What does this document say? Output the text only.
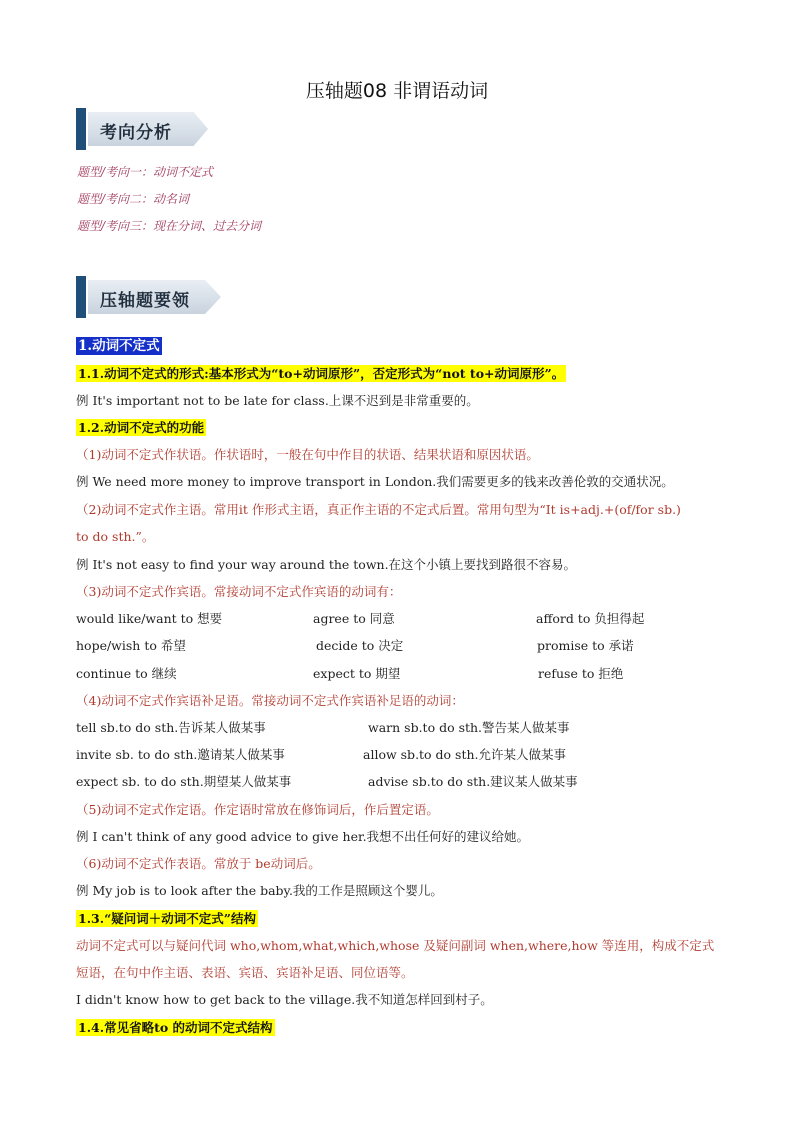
压轴题08 非谓语动词
考向分析
题型/考向一：动词不定式
题型/考向二：动名词
题型/考向三：现在分词、过去分词
压轴题要领
1.动词不定式
1.1.动词不定式的形式:基本形式为“to+动词原形”，否定形式为“not to+动词原形”。
例 It's important not to be late for class.上课不迟到是非常重要的。
1.2.动词不定式的功能
（1)动词不定式作状语。作状语时，一般在句中作目的状语、结果状语和原因状语。
例 We need more money to improve transport in London.我们需要更多的钱来改善伦敦的交通状况。
（2)动词不定式作主语。常用it 作形式主语，真正作主语的不定式后置。常用句型为“It is+adj.+(of/for sb.)
to do sth.”。
例 It's not easy to find your way around the town.在这个小镇上要找到路很不容易。
（3)动词不定式作宾语。常接动词不定式作宾语的动词有：
would like/want to 想要	agree to 同意	afford to 负担得起
hope/wish to 希望	decide to 决定	promise to 承诺
continue to 继续	expect to 期望	refuse to 拒绝
（4)动词不定式作宾语补足语。常接动词不定式作宾语补足语的动词：
tell sb.to do sth.告诉某人做某事	warn sb.to do sth.警告某人做某事
invite sb. to do sth.邀请某人做某事	allow sb.to do sth.允许某人做某事
expect sb. to do sth.期望某人做某事	advise sb.to do sth.建议某人做某事
（5)动词不定式作定语。作定语时常放在修饰词后，作后置定语。
例 I can't think of any good advice to give her.我想不出任何好的建议给她。
（6)动词不定式作表语。常放于 be动词后。
例 My job is to look after the baby.我的工作是照顾这个婴儿。
1.3.“疑问词＋动词不定式”结构
动词不定式可以与疑问代词 who,whom,what,which,whose 及疑问副词 when,where,how 等连用，构成不定式
短语，在句中作主语、表语、宾语、宾语补足语、同位语等。
I didn't know how to get back to the village.我不知道怎样回到村子。
1.4.常见省略to 的动词不定式结构
